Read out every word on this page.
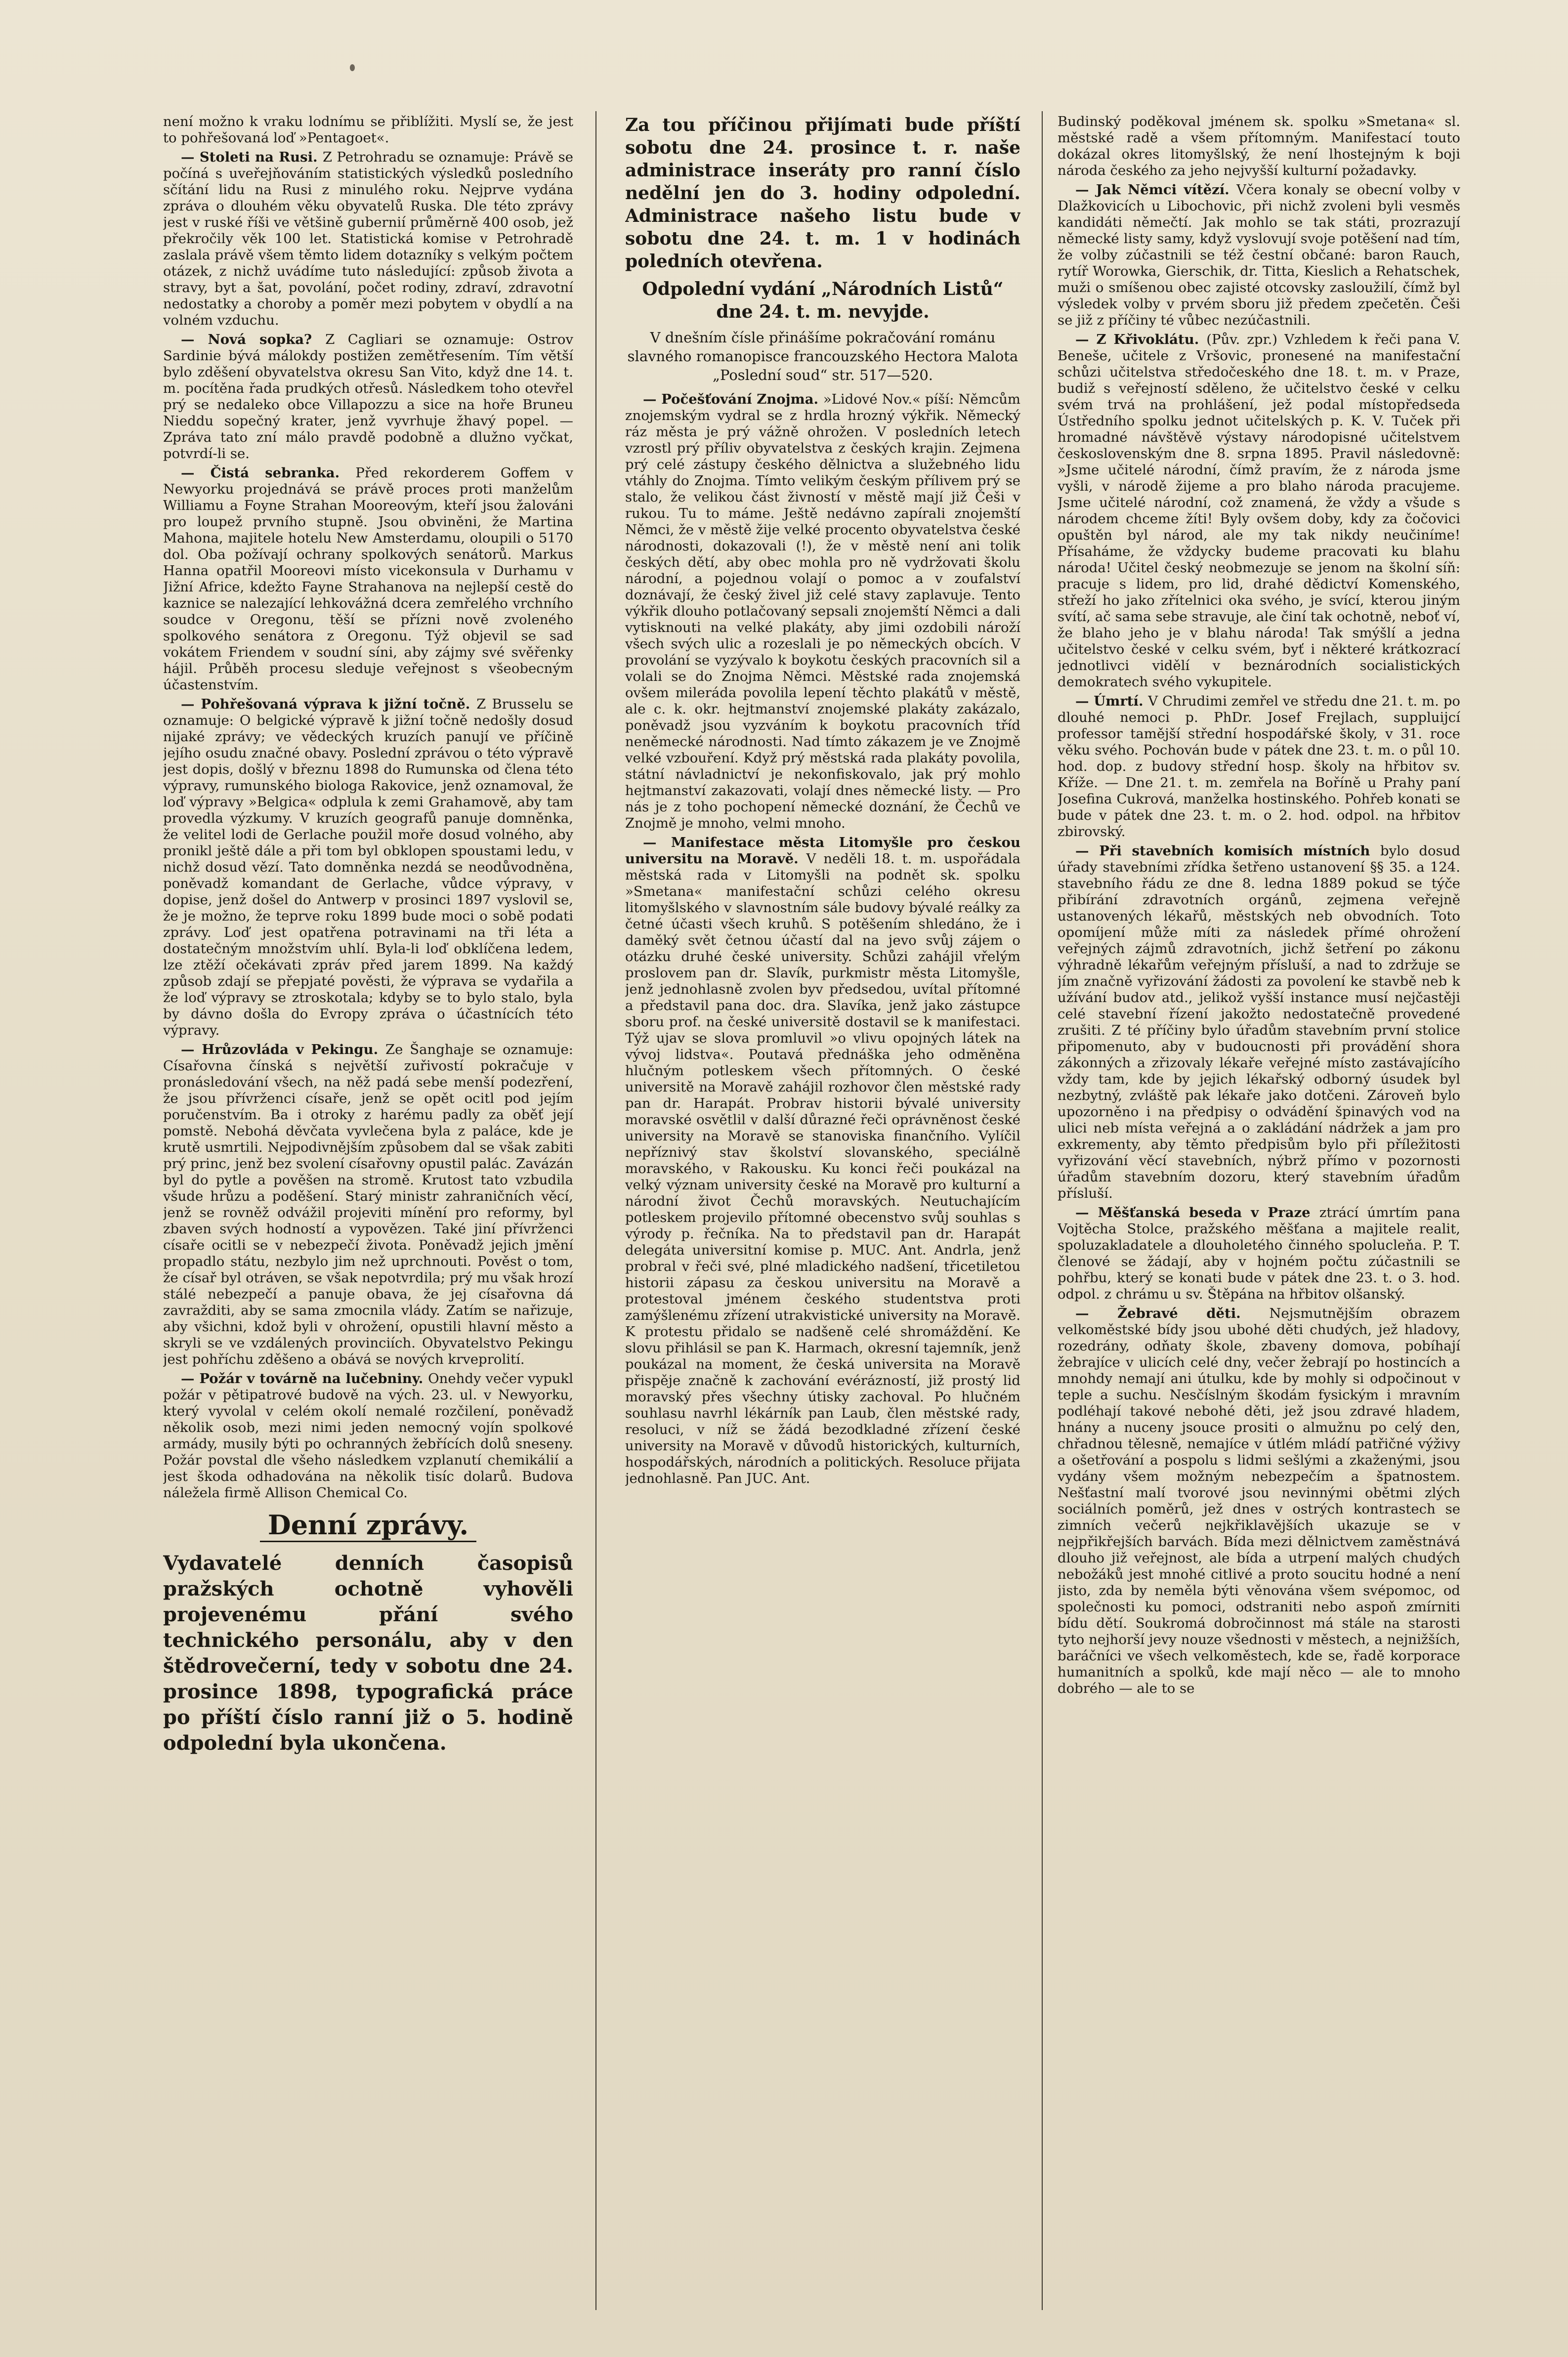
není možno k vraku lodnímu se přiblížiti. Myslí se, že jest to pohřešovaná loď »Pentagoet«.

— Stoleti na Rusi. Z Petrohradu se oznamuje: Právě se počíná s uveřejňováním statistických výsledků posledního sčítání lidu na Rusi z minulého roku. Nejprve vydána zpráva o dlouhém věku obyvatelů Ruska. Dle této zprávy jest v ruské říši ve většině gubernií průměrně 400 osob, jež překročily věk 100 let. Statistická komise v Petrohradě zaslala právě všem těmto lidem dotazníky s velkým počtem otázek, z nichž uvádíme tuto následující: způsob života a stravy, byt a šat, povolání, počet rodiny, zdraví, zdravotní nedostatky a choroby a poměr mezi pobytem v obydlí a na volném vzduchu.

— Nová sopka? Z Cagliari se oznamuje: Ostrov Sardinie bývá málokdy postižen zemětřesením. Tím větší bylo zděšení obyvatelstva okresu San Vito, když dne 14. t. m. pocítěna řada prudkých otřesů. Následkem toho otevřel prý se nedaleko obce Villapozzu a sice na hoře Bruneu Nieddu sopečný krater, jenž vyvrhuje žhavý popel. — Zpráva tato zní málo pravdě podobně a dlužno vyčkat, potvrdí-li se.

— Čistá sebranka. Před rekorderem Goffem v Newyorku projednává se právě proces proti manželům Williamu a Foyne Strahan Mooreovým, kteří jsou žalováni pro loupež prvního stupně. Jsou obviněni, že Martina Mahona, majitele hotelu New Amsterdamu, oloupili o 5170 dol. Oba požívají ochrany spolkových senátorů. Markus Hanna opatřil Mooreovi místo vicekonsula v Durhamu v Jižní Africe, kdežto Fayne Strahanova na nejlepší cestě do kaznice se nalezající lehkovážná dcera zemřelého vrchního soudce v Oregonu, těší se přízni nově zvoleného spolkového senátora z Oregonu. Týž objevil se sad vokátem Friendem v soudní síni, aby zájmy své svěřenky hájil. Průběh procesu sleduje veřejnost s všeobecným účastenstvím.

— Pohřešovaná výprava k jižní točně. Z Brusselu se oznamuje: O belgické výpravě k jižní točně nedošly dosud nijaké zprávy; ve vědeckých kruzích panují ve příčině jejího osudu značné obavy. Poslední zprávou o této výpravě jest dopis, došlý v březnu 1898 do Rumunska od člena této výpravy, rumunského biologa Rakovice, jenž oznamoval, že loď výpravy »Belgica« odplula k zemi Grahamově, aby tam provedla výzkumy. V kruzích geografů panuje domněnka, že velitel lodi de Gerlache použil moře dosud volného, aby pronikl ještě dále a při tom byl obklopen spoustami ledu, v nichž dosud vězí. Tato domněnka nezdá se neodůvodněna, poněvadž komandant de Gerlache, vůdce výpravy, v dopise, jenž došel do Antwerp v prosinci 1897 vyslovil se, že je možno, že teprve roku 1899 bude moci o sobě podati zprávy. Loď jest opatřena potravinami na tři léta a dostatečným množstvím uhlí. Byla-li loď obklíčena ledem, lze ztěží očekávati zpráv před jarem 1899. Na každý způsob zdají se přepjaté pověsti, že výprava se vydařila a že loď výpravy se ztroskotala; kdyby se to bylo stalo, byla by dávno došla do Evropy zpráva o účastnících této výpravy.

— Hrůzovláda v Pekingu. Ze Šanghaje se oznamuje: Císařovna čínská s největší zuřivostí pokračuje v pronásledování všech, na něž padá sebe menší podezření, že jsou přívrženci císaře, jenž se opět ocitl pod jejím poručenstvím. Ba i otroky z harému padly za oběť její pomstě. Nebohá děvčata vyvlečena byla z paláce, kde je krutě usmrtili. Nejpodivnějším způsobem dal se však zabiti prý princ, jenž bez svolení císařovny opustil palác. Zavázán byl do pytle a pověšen na stromě. Krutost tato vzbudila všude hrůzu a poděšení. Starý ministr zahraničních věcí, jenž se rovněž odvážil projeviti mínění pro reformy, byl zbaven svých hodností a vypovězen. Také jiní přívrženci císaře ocitli se v nebezpečí života. Poněvadž jejich jmění propadlo státu, nezbylo jim než uprchnouti. Pověst o tom, že císař byl otráven, se však nepotvrdila; prý mu však hrozí stálé nebezpečí a panuje obava, že jej císařovna dá zavražditi, aby se sama zmocnila vlády. Zatím se nařizuje, aby všichni, kdož byli v ohrožení, opustili hlavní město a skryli se ve vzdálených provinciích. Obyvatelstvo Pekingu jest pohříchu zděšeno a obává se nových krveprolití.

— Požár v továrně na lučebniny. Onehdy večer vypukl požár v pětipatrové budově na vých. 23. ul. v Newyorku, který vyvolal v celém okolí nemalé rozčilení, poněvadž několik osob, mezi nimi jeden nemocný vojín spolkové armády, musily býti po ochranných žebřících dolů sneseny. Požár povstal dle všeho následkem vzplanutí chemikálií a jest škoda odhadována na několik tisíc dolarů. Budova náležela firmě Allison Chemical Co.

Denní zprávy.

Vydavatelé denních časopisů pražských ochotně vyhověli projevenému přání svého technického personálu, aby v den štědrovečerní, tedy v sobotu dne 24. prosince 1898, typografická práce po příští číslo ranní již o 5. hodině odpolední byla ukončena.

Za tou příčinou přijímati bude příští sobotu dne 24. prosince t. r. naše administrace inseráty pro ranní číslo nedělní jen do 3. hodiny odpolední. Administrace našeho listu bude v sobotu dne 24. t. m. 1 v hodinách poledních otevřena.

Odpolední vydání „Národních Listů“ dne 24. t. m. nevyjde.

V dnešním čísle přinášíme pokračování románu slavného romanopisce francouzského Hectora Malota „Poslední soud“ str. 517—520.

— Počešťování Znojma. »Lidové Nov.« píší: Němcům znojemským vydral se z hrdla hrozný výkřik. Německý ráz města je prý vážně ohrožen. V posledních letech vzrostl prý příliv obyvatelstva z českých krajin. Zejmena prý celé zástupy českého dělnictva a služebného lidu vtáhly do Znojma. Tímto velikým českým přílivem prý se stalo, že velikou část živností v městě mají již Češi v rukou. Tu to máme. Ještě nedávno zapírali znojemští Němci, že v městě žije velké procento obyvatelstva české národnosti, dokazovali (!), že v městě není ani tolik českých dětí, aby obec mohla pro ně vydržovati školu národní, a pojednou volají o pomoc a v zoufalství doznávají, že český živel již celé stavy zaplavuje. Tento výkřik dlouho potlačovaný sepsali znojemští Němci a dali vytisknouti na velké plakáty, aby jimi ozdobili nároží všech svých ulic a rozeslali je po německých obcích. V provolání se vyzývalo k boykotu českých pracovních sil a volali se do Znojma Němci. Městské rada znojemská ovšem mileráda povolila lepení těchto plakátů v městě, ale c. k. okr. hejtmanství znojemské plakáty zakázalo, poněvadž jsou vyzváním k boykotu pracovních tříd neněmecké národnosti. Nad tímto zákazem je ve Znojmě velké vzbouření. Když prý městská rada plakáty povolila, státní návladnictví je nekonfiskovalo, jak prý mohlo hejtmanství zakazovati, volají dnes německé listy. — Pro nás je z toho pochopení německé doznání, že Čechů ve Znojmě je mnoho, velmi mnoho.

— Manifestace města Litomyšle pro českou universitu na Moravě. V neděli 18. t. m. uspořádala městská rada v Litomyšli na podnět sk. spolku »Smetana« manifestační schůzi celého okresu litomyšlského v slavnostním sále budovy bývalé reálky za četné účasti všech kruhů. S potěšením shledáno, že i daměký svět četnou účastí dal na jevo svůj zájem o otázku druhé české university. Schůzi zahájil vřelým proslovem pan dr. Slavík, purkmistr města Litomyšle, jenž jednohlasně zvolen byv předsedou, uvítal přítomné a představil pana doc. dra. Slavíka, jenž jako zástupce sboru prof. na české universitě dostavil se k manifestaci. Týž ujav se slova promluvil »o vlivu opojných látek na vývoj lidstva«. Poutavá přednáška jeho odměněna hlučným potleskem všech přítomných. O české universitě na Moravě zahájil rozhovor člen městské rady pan dr. Harapát. Probrav historii bývalé university moravské osvětlil v další důrazné řeči oprávněnost české university na Moravě se stanoviska finančního. Vylíčil nepříznivý stav školství slovanského, speciálně moravského, v Rakousku. Ku konci řeči poukázal na velký význam university české na Moravě pro kulturní a národní život Čechů moravských. Neutuchajícím potleskem projevilo přítomné obecenstvo svůj souhlas s výrody p. řečníka. Na to představil pan dr. Harapát delegáta universitní komise p. MUC. Ant. Andrla, jenž probral v řeči své, plné mladického nadšení, třicetiletou historii zápasu za českou universitu na Moravě a protestoval jménem českého studentstva proti zamýšlenému zřízení utrakvistické university na Moravě. K protestu přidalo se nadšeně celé shromáždění. Ke slovu přihlásil se pan K. Harmach, okresní tajemník, jenž poukázal na moment, že česká universita na Moravě přispěje značně k zachování evérázností, již prostý lid moravský přes všechny útisky zachoval. Po hlučném souhlasu navrhl lékárník pan Laub, člen městské rady, resoluci, v níž se žádá bezodkladné zřízení české university na Moravě v důvodů historických, kulturních, hospodářských, národních a politických. Resoluce přijata jednohlasně. Pan JUC. Ant.

Budinský poděkoval jménem sk. spolku »Smetana« sl. městské radě a všem přítomným. Manifestací touto dokázal okres litomyšlský, že není lhostejným k boji národa českého za jeho nejvyšší kulturní požadavky.

— Jak Němci vítězí. Včera konaly se obecní volby v Dlažkovicích u Libochovic, při nichž zvoleni byli vesměs kandidáti němečtí. Jak mohlo se tak státi, prozrazují německé listy samy, když vyslovují svoje potěšení nad tím, že volby zúčastnili se též čestní občané: baron Rauch, rytíř Worowka, Gierschik, dr. Titta, Kieslich a Rehatschek, muži o smíšenou obec zajisté otcovsky zasloužilí, čímž byl výsledek volby v prvém sboru již předem zpečetěn. Češi se již z příčiny té vůbec nezúčastnili.

— Z Křivoklátu. (Pův. zpr.) Vzhledem k řeči pana V. Beneše, učitele z Vršovic, pronesené na manifestační schůzi učitelstva středočeského dne 18. t. m. v Praze, budiž s veřejností sděleno, že učitelstvo české v celku svém trvá na prohlášení, jež podal místopředseda Ústředního spolku jednot učitelských p. K. V. Tuček při hromadné návštěvě výstavy národopisné učitelstvem československým dne 8. srpna 1895. Pravil následovně: »Jsme učitelé národní, čímž pravím, že z národa jsme vyšli, v národě žijeme a pro blaho národa pracujeme. Jsme učitelé národní, což znamená, že vždy a všude s národem chceme žíti! Byly ovšem doby, kdy za čočovici opuštěn byl národ, ale my tak nikdy neučiníme! Přísaháme, že vždycky budeme pracovati ku blahu národa! Učitel český neobmezuje se jenom na školní síň: pracuje s lidem, pro lid, drahé dědictví Komenského, střeží ho jako zřítelnici oka svého, je svící, kterou jiným svítí, ač sama sebe stravuje, ale činí tak ochotně, neboť ví, že blaho jeho je v blahu národa! Tak smýšlí a jedna učitelstvo české v celku svém, byť i některé krátkozrací jednotlivci vidělí v beznárodních socialistických demokratech svého vykupitele.

— Úmrtí. V Chrudimi zemřel ve středu dne 21. t. m. po dlouhé nemoci p. PhDr. Josef Frejlach, suppluijcí professor tamější střední hospodářské školy, v 31. roce věku svého. Pochován bude v pátek dne 23. t. m. o půl 10. hod. dop. z budovy střední hosp. školy na hřbitov sv. Kříže. — Dne 21. t. m. zemřela na Boříně u Prahy paní Josefina Cukrová, manželka hostinského. Pohřeb konati se bude v pátek dne 23. t. m. o 2. hod. odpol. na hřbitov zbirovský.

— Při stavebních komisích místních bylo dosud úřady stavebními zřídka šetřeno ustanovení §§ 35. a 124. stavebního řádu ze dne 8. ledna 1889 pokud se týče přibírání zdravotních orgánů, zejmena veřejně ustanovených lékařů, městských neb obvodních. Toto opomíjení může míti za následek přímé ohrožení veřejných zájmů zdravotních, jichž šetření po zákonu výhradně lékařům veřejným přísluší, a nad to zdržuje se jím značně vyřizování žádosti za povolení ke stavbě neb k užívání budov atd., jelikož vyšší instance musí nejčastěji celé stavební řízení jakožto nedostatečně provedené zrušiti. Z té příčiny bylo úřadům stavebním první stolice připomenuto, aby v budoucnosti při provádění shora zákonných a zřizovaly lékaře veřejné místo zastávajícího vždy tam, kde by jejich lékařský odborný úsudek byl nezbytný, zvláště pak lékaře jako dotčeni. Zároveň bylo upozorněno i na předpisy o odvádění špinavých vod na ulici neb místa veřejná a o zakládání nádržek a jam pro exkrementy, aby těmto předpisům bylo při příležitosti vyřizování věcí stavebních, nýbrž přímo v pozornosti úřadům stavebním dozoru, který stavebním úřadům přísluší.

— Měšťanská beseda v Praze ztrácí úmrtím pana Vojtěcha Stolce, pražského měšťana a majitele realit, spoluzakladatele a dlouholetého činného spolucleňa. P. T. členové se žádají, aby v hojném počtu zúčastnili se pohřbu, který se konati bude v pátek dne 23. t. o 3. hod. odpol. z chrámu u sv. Štěpána na hřbitov olšanský.

— Žebravé děti. Nejsmutnějším obrazem velkoměstské bídy jsou ubohé děti chudých, jež hladovy, rozedrány, odňaty škole, zbaveny domova, pobíhají žebrajíce v ulicích celé dny, večer žebrají po hostincích a mnohdy nemají ani útulku, kde by mohly si odpočinout v teple a suchu. Nesčíslným škodám fysickým i mravním podléhají takové nebohé děti, jež jsou zdravé hladem, hnány a nuceny jsouce prositi o almužnu po celý den, chřadnou tělesně, nemajíce v útlém mládí patřičné výživy a ošetřování a pospolu s lidmi sešlými a zkaženými, jsou vydány všem možným nebezpečím a špatnostem. Nešťastní malí tvorové jsou nevinnými obětmi zlých sociálních poměrů, jež dnes v ostrých kontrastech se zimních večerů nejkřiklavějších ukazuje se v nejpřikřejších barvách. Bída mezi dělnictvem zaměstnává dlouho již veřejnost, ale bída a utrpení malých chudých nebožáků jest mnohé citlivé a proto soucitu hodné a není jisto, zda by neměla býti věnována všem svépomoc, od společnosti ku pomoci, odstraniti nebo aspoň zmírniti bídu dětí. Soukromá dobročinnost má stále na starosti tyto nejhorší jevy nouze všednosti v městech, a nejnižších, baráčníci ve všech velkoměstech, kde se, řadě korporace humanitních a spolků, kde mají něco — ale to mnoho dobrého — ale to se
